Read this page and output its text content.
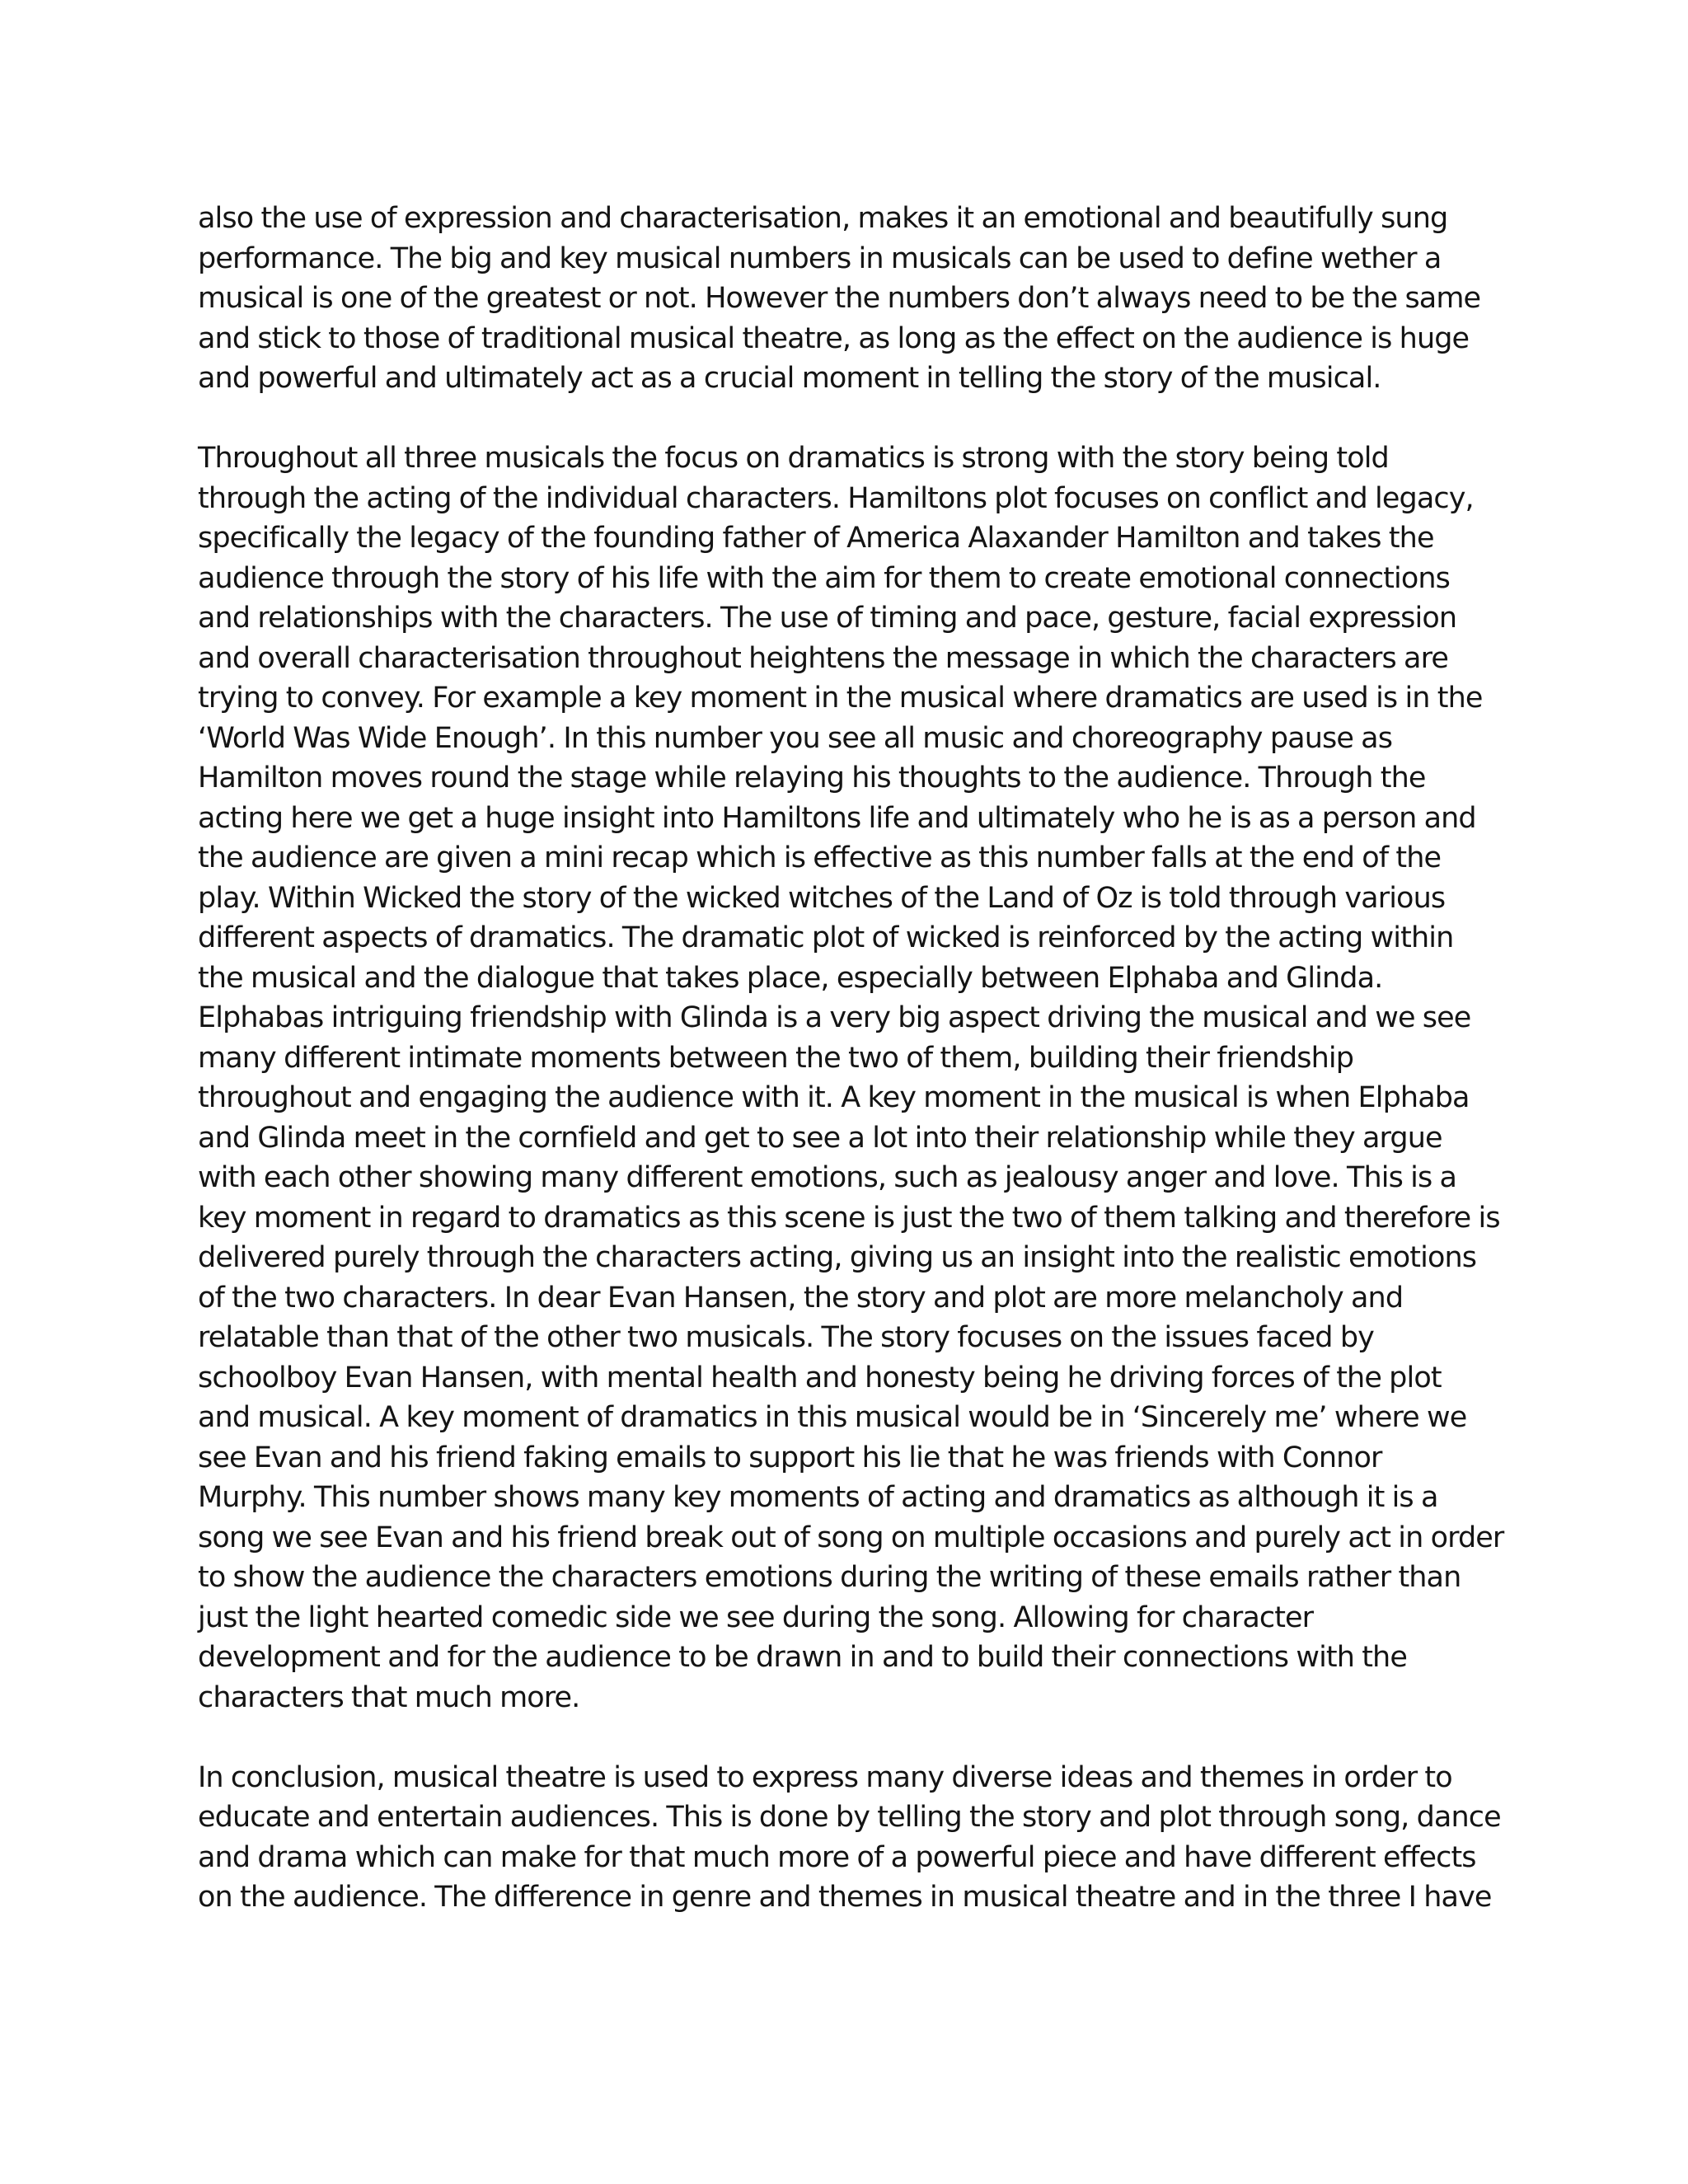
also the use of expression and characterisation, makes it an emotional and beautifully sung
performance. The big and key musical numbers in musicals can be used to define wether a
musical is one of the greatest or not. However the numbers don’t always need to be the same
and stick to those of traditional musical theatre, as long as the effect on the audience is huge
and powerful and ultimately act as a crucial moment in telling the story of the musical.

Throughout all three musicals the focus on dramatics is strong with the story being told
through the acting of the individual characters. Hamiltons plot focuses on conflict and legacy,
specifically the legacy of the founding father of America Alaxander Hamilton and takes the
audience through the story of his life with the aim for them to create emotional connections
and relationships with the characters. The use of timing and pace, gesture, facial expression
and overall characterisation throughout heightens the message in which the characters are
trying to convey. For example a key moment in the musical where dramatics are used is in the
‘World Was Wide Enough’. In this number you see all music and choreography pause as
Hamilton moves round the stage while relaying his thoughts to the audience. Through the
acting here we get a huge insight into Hamiltons life and ultimately who he is as a person and
the audience are given a mini recap which is effective as this number falls at the end of the
play. Within Wicked the story of the wicked witches of the Land of Oz is told through various
different aspects of dramatics. The dramatic plot of wicked is reinforced by the acting within
the musical and the dialogue that takes place, especially between Elphaba and Glinda.
Elphabas intriguing friendship with Glinda is a very big aspect driving the musical and we see
many different intimate moments between the two of them, building their friendship
throughout and engaging the audience with it. A key moment in the musical is when Elphaba
and Glinda meet in the cornfield and get to see a lot into their relationship while they argue
with each other showing many different emotions, such as jealousy anger and love. This is a
key moment in regard to dramatics as this scene is just the two of them talking and therefore is
delivered purely through the characters acting, giving us an insight into the realistic emotions
of the two characters. In dear Evan Hansen, the story and plot are more melancholy and
relatable than that of the other two musicals. The story focuses on the issues faced by
schoolboy Evan Hansen, with mental health and honesty being he driving forces of the plot
and musical. A key moment of dramatics in this musical would be in ‘Sincerely me’ where we
see Evan and his friend faking emails to support his lie that he was friends with Connor
Murphy. This number shows many key moments of acting and dramatics as although it is a
song we see Evan and his friend break out of song on multiple occasions and purely act in order
to show the audience the characters emotions during the writing of these emails rather than
just the light hearted comedic side we see during the song. Allowing for character
development and for the audience to be drawn in and to build their connections with the
characters that much more.

In conclusion, musical theatre is used to express many diverse ideas and themes in order to
educate and entertain audiences. This is done by telling the story and plot through song, dance
and drama which can make for that much more of a powerful piece and have different effects
on the audience. The difference in genre and themes in musical theatre and in the three I have
